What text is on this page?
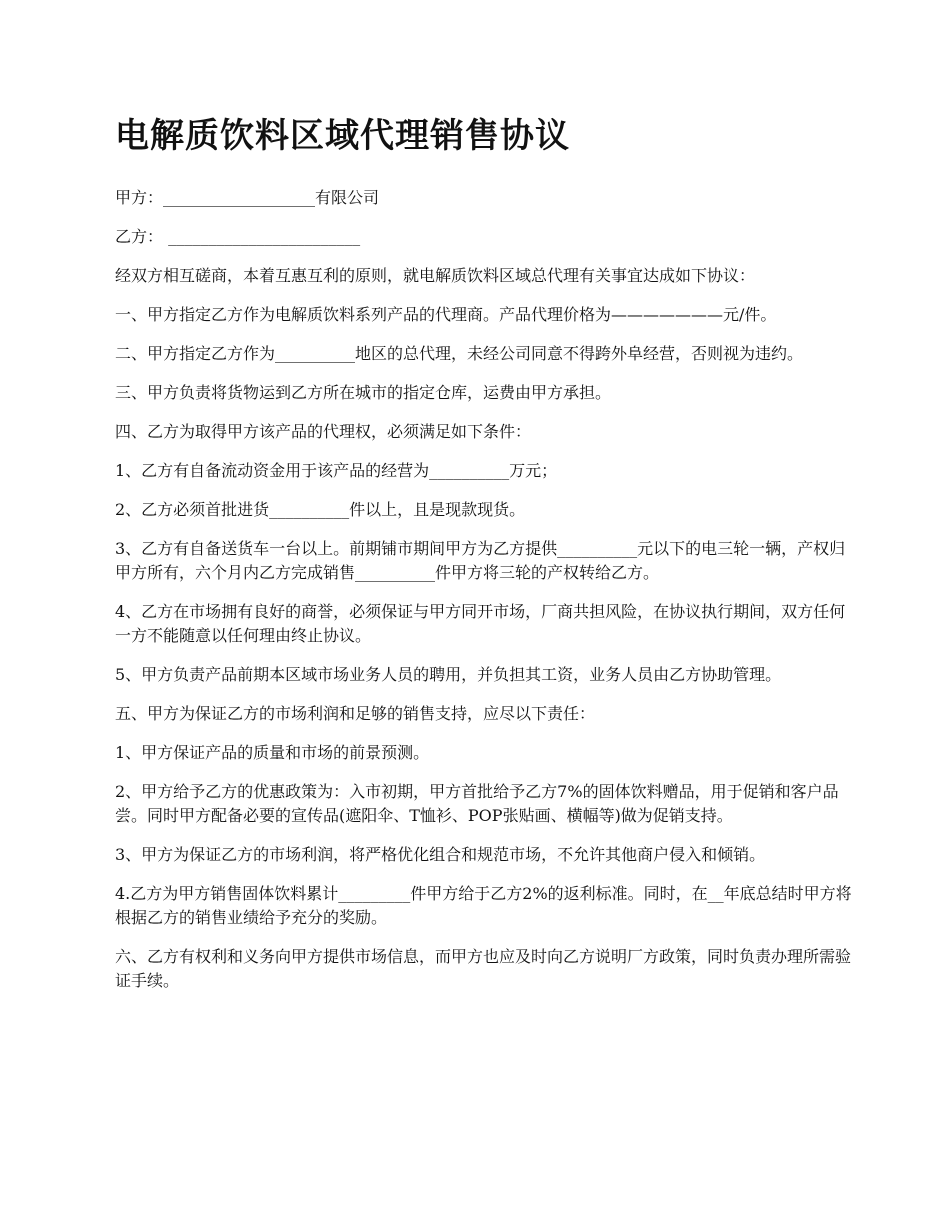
电解质饮料区域代理销售协议

甲方：___________________有限公司

乙方： ________________________

经双方相互磋商，本着互惠互利的原则，就电解质饮料区域总代理有关事宜达成如下协议：

一、甲方指定乙方作为电解质饮料系列产品的代理商。产品代理价格为———————元/件。

二、甲方指定乙方作为__________地区的总代理，未经公司同意不得跨外阜经营，否则视为违约。

三、甲方负责将货物运到乙方所在城市的指定仓库，运费由甲方承担。

四、乙方为取得甲方该产品的代理权，必须满足如下条件：

1、乙方有自备流动资金用于该产品的经营为__________万元；

2、乙方必须首批进货__________件以上，且是现款现货。

3、乙方有自备送货车一台以上。前期铺市期间甲方为乙方提供__________元以下的电三轮一辆，产权归甲方所有，六个月内乙方完成销售__________件甲方将三轮的产权转给乙方。

4、乙方在市场拥有良好的商誉，必须保证与甲方同开市场，厂商共担风险，在协议执行期间，双方任何一方不能随意以任何理由终止协议。

5、甲方负责产品前期本区域市场业务人员的聘用，并负担其工资，业务人员由乙方协助管理。

五、甲方为保证乙方的市场利润和足够的销售支持，应尽以下责任：

1、甲方保证产品的质量和市场的前景预测。

2、甲方给予乙方的优惠政策为：入市初期，甲方首批给予乙方7%的固体饮料赠品，用于促销和客户品尝。同时甲方配备必要的宣传品(遮阳伞、T恤衫、POP张贴画、横幅等)做为促销支持。

3、甲方为保证乙方的市场利润，将严格优化组合和规范市场，不允许其他商户侵入和倾销。

4.乙方为甲方销售固体饮料累计_________件甲方给于乙方2%的返利标准。同时，在__年底总结时甲方将根据乙方的销售业绩给予充分的奖励。

六、乙方有权利和义务向甲方提供市场信息，而甲方也应及时向乙方说明厂方政策，同时负责办理所需验证手续。
